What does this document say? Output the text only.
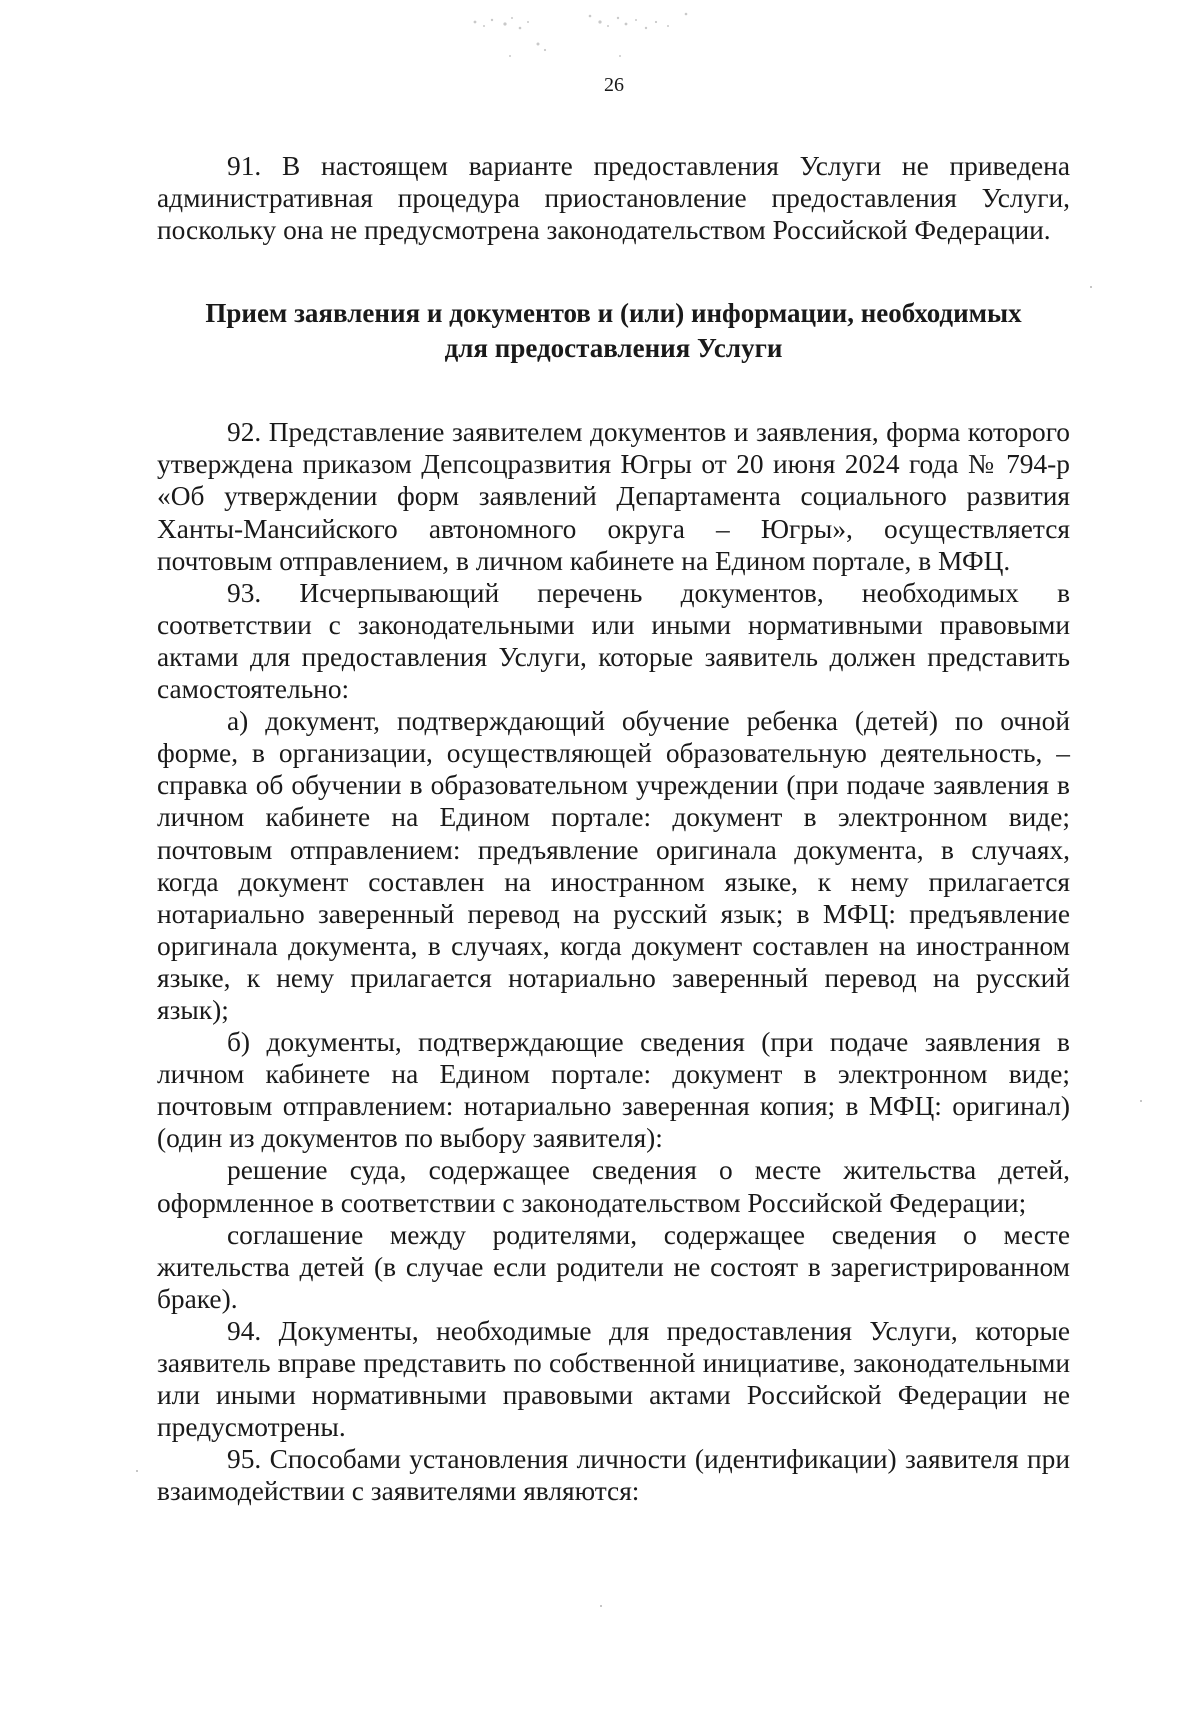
26

91. В настоящем варианте предоставления Услуги не приведена административная процедура приостановление предоставления Услуги, поскольку она не предусмотрена законодательством Российской Федерации.

Прием заявления и документов и (или) информации, необходимых
для предоставления Услуги

92. Представление заявителем документов и заявления, форма которого утверждена приказом Депсоцразвития Югры от 20 июня 2024 года № 794-р «Об утверждении форм заявлений Департамента социального развития Ханты-Мансийского автономного округа – Югры», осуществляется почтовым отправлением, в личном кабинете на Едином портале, в МФЦ.

93. Исчерпывающий перечень документов, необходимых в соответствии с законодательными или иными нормативными правовыми актами для предоставления Услуги, которые заявитель должен представить самостоятельно:

а) документ, подтверждающий обучение ребенка (детей) по очной форме, в организации, осуществляющей образовательную деятельность, – справка об обучении в образовательном учреждении (при подаче заявления в личном кабинете на Едином портале: документ в электронном виде; почтовым отправлением: предъявление оригинала документа, в случаях, когда документ составлен на иностранном языке, к нему прилагается нотариально заверенный перевод на русский язык; в МФЦ: предъявление оригинала документа, в случаях, когда документ составлен на иностранном языке, к нему прилагается нотариально заверенный перевод на русский язык);

б) документы, подтверждающие сведения (при подаче заявления в личном кабинете на Едином портале: документ в электронном виде; почтовым отправлением: нотариально заверенная копия; в МФЦ: оригинал) (один из документов по выбору заявителя):

решение суда, содержащее сведения о месте жительства детей, оформленное в соответствии с законодательством Российской Федерации;

соглашение между родителями, содержащее сведения о месте жительства детей (в случае если родители не состоят в зарегистрированном браке).

94. Документы, необходимые для предоставления Услуги, которые заявитель вправе представить по собственной инициативе, законодательными или иными нормативными правовыми актами Российской Федерации не предусмотрены.

95. Способами установления личности (идентификации) заявителя при взаимодействии с заявителями являются:
